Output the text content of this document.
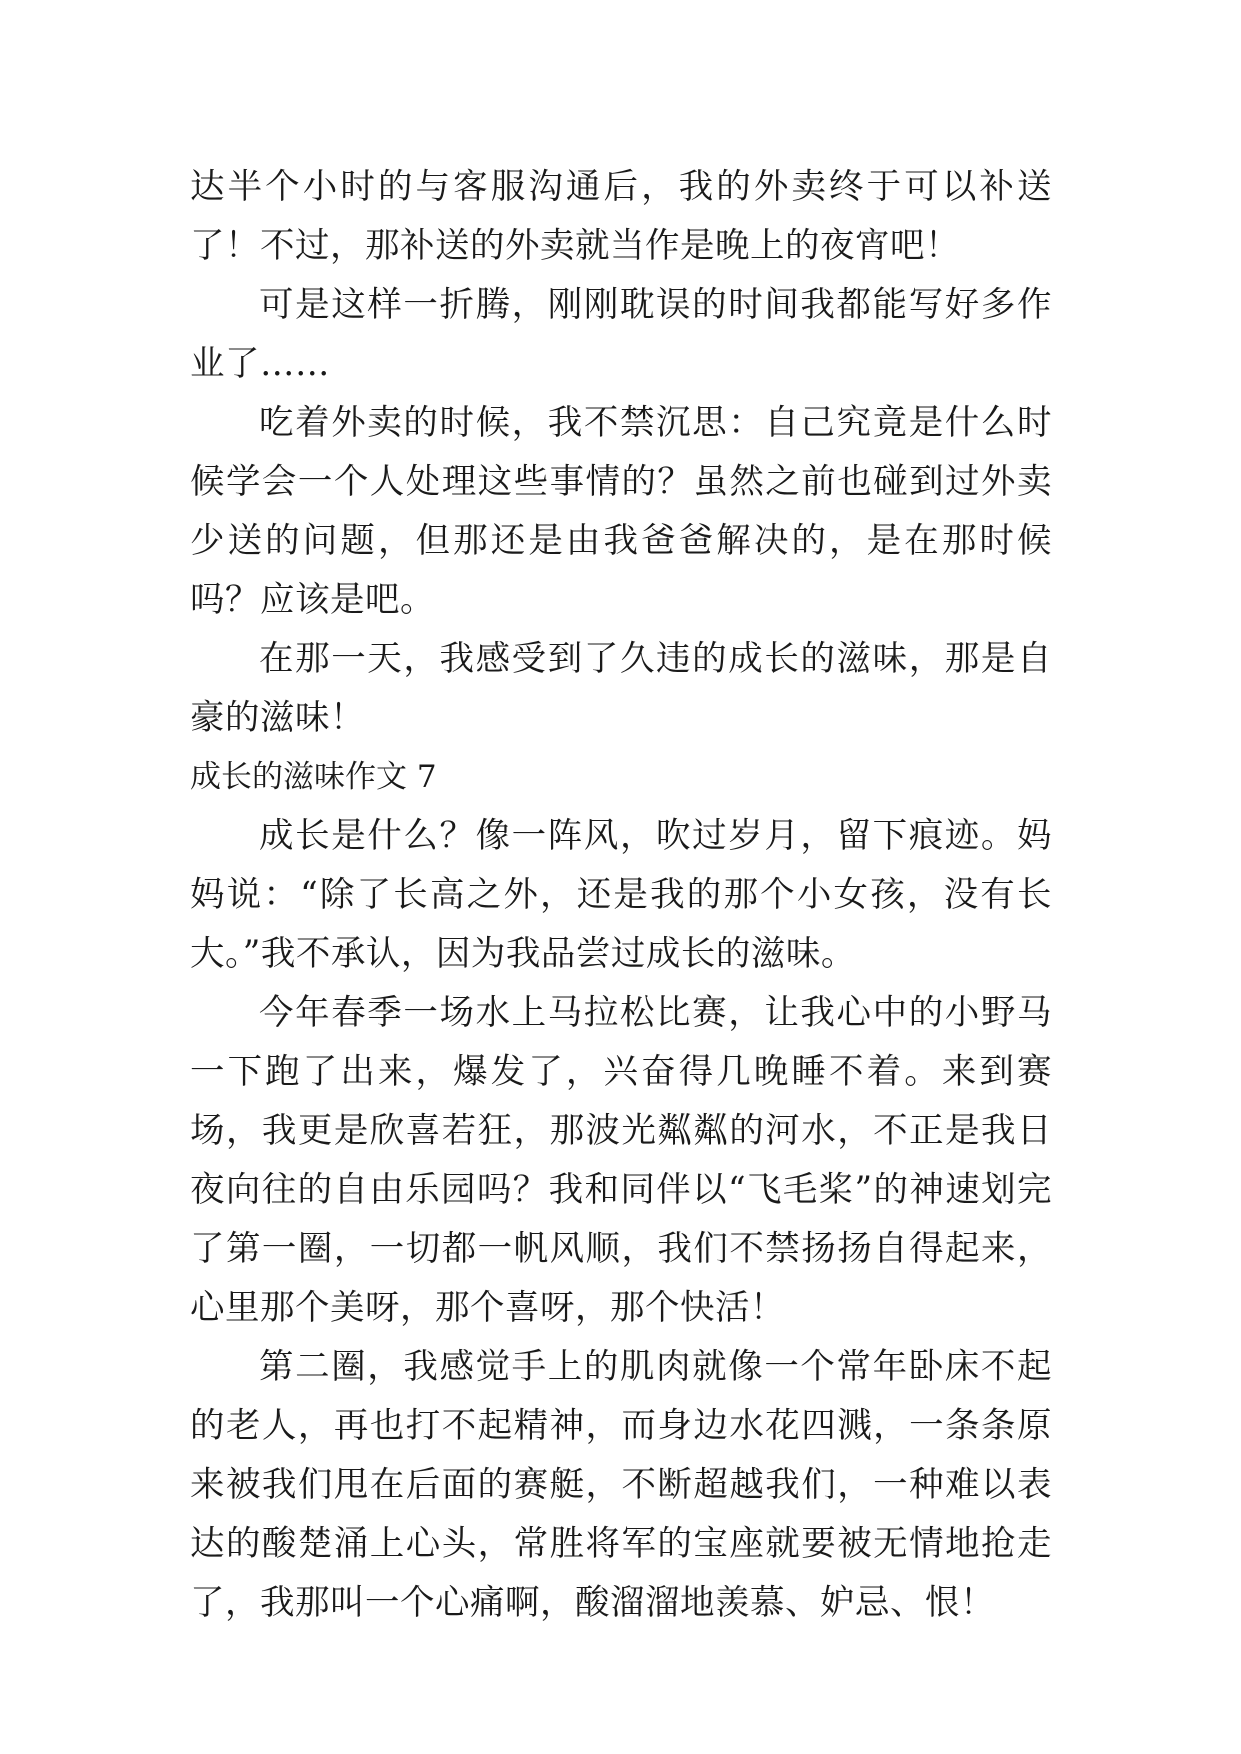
达半个小时的与客服沟通后，我的外卖终于可以补送了！不过，那补送的外卖就当作是晚上的夜宵吧！

可是这样一折腾，刚刚耽误的时间我都能写好多作业了……

吃着外卖的时候，我不禁沉思：自己究竟是什么时候学会一个人处理这些事情的？虽然之前也碰到过外卖少送的问题，但那还是由我爸爸解决的，是在那时候吗？应该是吧。

在那一天，我感受到了久违的成长的滋味，那是自豪的滋味！

成长的滋味作文 7

成长是什么？像一阵风，吹过岁月，留下痕迹。妈妈说：“除了长高之外，还是我的那个小女孩，没有长大。”我不承认，因为我品尝过成长的滋味。

今年春季一场水上马拉松比赛，让我心中的小野马一下跑了出来，爆发了，兴奋得几晚睡不着。来到赛场，我更是欣喜若狂，那波光粼粼的河水，不正是我日夜向往的自由乐园吗？我和同伴以“飞毛桨”的神速划完了第一圈，一切都一帆风顺，我们不禁扬扬自得起来，心里那个美呀，那个喜呀，那个快活！

第二圈，我感觉手上的肌肉就像一个常年卧床不起的老人，再也打不起精神，而身边水花四溅，一条条原来被我们甩在后面的赛艇，不断超越我们，一种难以表达的酸楚涌上心头，常胜将军的宝座就要被无情地抢走了，我那叫一个心痛啊，酸溜溜地羡慕、妒忌、恨！
